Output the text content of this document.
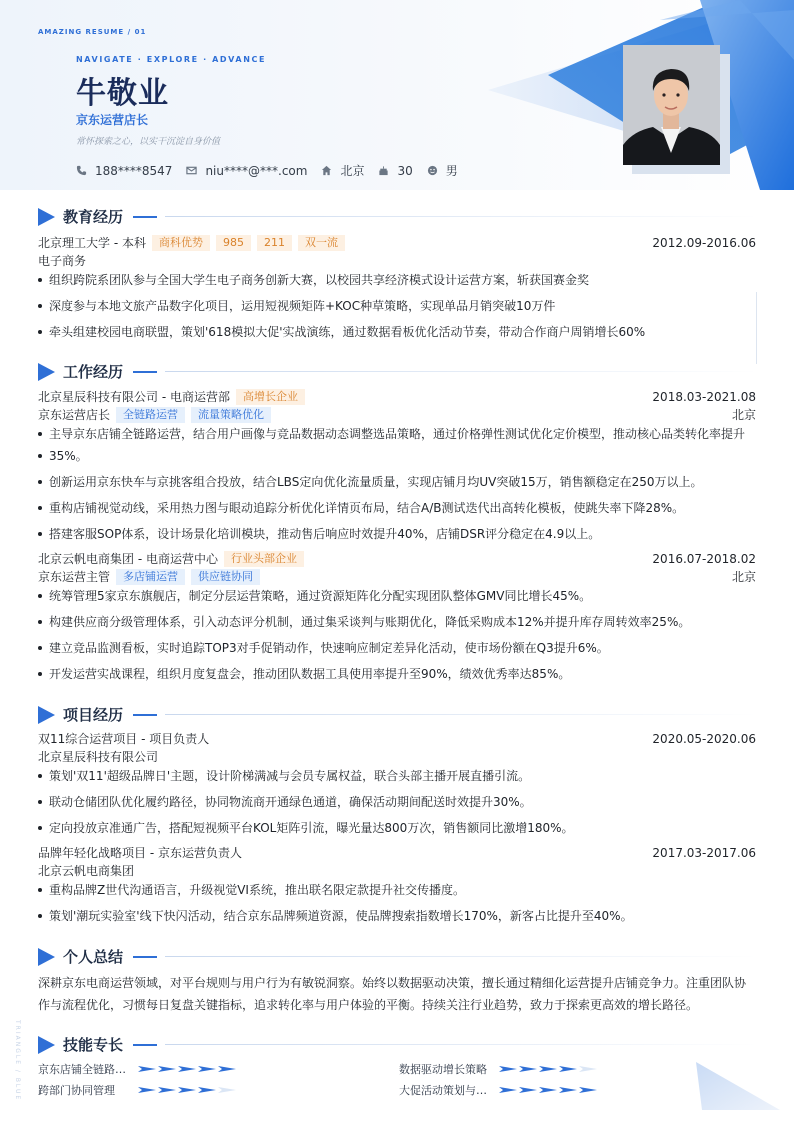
AMAZING RESUME / 01
NAVIGATE · EXPLORE · ADVANCE
牛敬业
京东运营店长
常怀探索之心，以实干沉淀自身价值
188****8547	niu****@***.com	北京	30	男
教育经历
北京理工大学 - 本科	商科优势	985	211	双一流	2012.09-2016.06
电子商务
组织跨院系团队参与全国大学生电子商务创新大赛，以校园共享经济模式设计运营方案，斩获国赛金奖
深度参与本地文旅产品数字化项目，运用短视频矩阵+KOC种草策略，实现单品月销突破10万件
牵头组建校园电商联盟，策划'618模拟大促'实战演练，通过数据看板优化活动节奏，带动合作商户周销增长60%
工作经历
北京星辰科技有限公司 - 电商运营部	高增长企业	2018.03-2021.08
京东运营店长	全链路运营	流量策略优化	北京
主导京东店铺全链路运营，结合用户画像与竞品数据动态调整选品策略，通过价格弹性测试优化定价模型，推动核心品类转化率提升
35%。
创新运用京东快车与京挑客组合投放，结合LBS定向优化流量质量，实现店铺月均UV突破15万，销售额稳定在250万以上。
重构店铺视觉动线，采用热力图与眼动追踪分析优化详情页布局，结合A/B测试迭代出高转化模板，使跳失率下降28%。
搭建客服SOP体系，设计场景化培训模块，推动售后响应时效提升40%，店铺DSR评分稳定在4.9以上。
北京云帆电商集团 - 电商运营中心	行业头部企业	2016.07-2018.02
京东运营主管	多店铺运营	供应链协同	北京
统筹管理5家京东旗舰店，制定分层运营策略，通过资源矩阵化分配实现团队整体GMV同比增长45%。
构建供应商分级管理体系，引入动态评分机制，通过集采谈判与账期优化，降低采购成本12%并提升库存周转效率25%。
建立竞品监测看板，实时追踪TOP3对手促销动作，快速响应制定差异化活动，使市场份额在Q3提升6%。
开发运营实战课程，组织月度复盘会，推动团队数据工具使用率提升至90%，绩效优秀率达85%。
项目经历
双11综合运营项目 - 项目负责人	2020.05-2020.06
北京星辰科技有限公司
策划'双11'超级品牌日'主题，设计阶梯满减与会员专属权益，联合头部主播开展直播引流。
联动仓储团队优化履约路径，协同物流商开通绿色通道，确保活动期间配送时效提升30%。
定向投放京准通广告，搭配短视频平台KOL矩阵引流，曝光量达800万次，销售额同比激增180%。
品牌年轻化战略项目 - 京东运营负责人	2017.03-2017.06
北京云帆电商集团
重构品牌Z世代沟通语言，升级视觉VI系统，推出联名限定款提升社交传播度。
策划'潮玩实验室'线下快闪活动，结合京东品牌频道资源，使品牌搜索指数增长170%，新客占比提升至40%。
个人总结
深耕京东电商运营领域，对平台规则与用户行为有敏锐洞察。始终以数据驱动决策，擅长通过精细化运营提升店铺竞争力。注重团队协作与流程优化，习惯每日复盘关键指标，追求转化率与用户体验的平衡。持续关注行业趋势，致力于探索更高效的增长路径。
技能专长
京东店铺全链路…	数据驱动增长策略
跨部门协同管理	大促活动策划与…
TRIANGLE / BLUE
